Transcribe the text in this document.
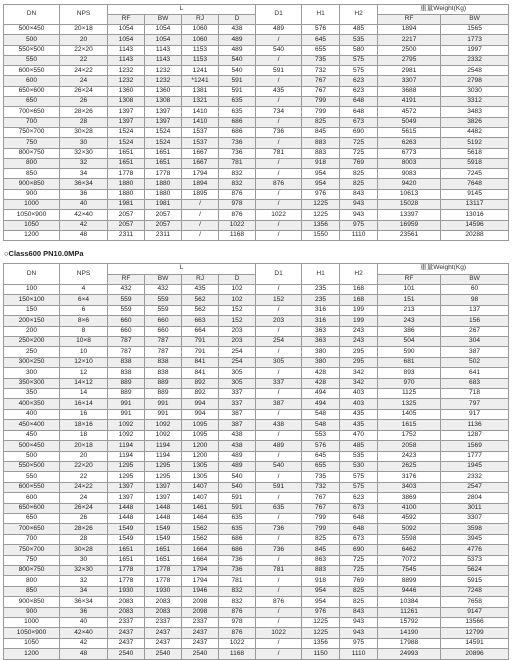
DN	NPS	L				D1	H1	H2	重量Weight(Kg)	
		RF	BW	RJ	D				RF	BW
500×450	20×18	1054	1054	1060	438	489	576	485	1894	1565
500	20	1054	1054	1060	489	/	645	535	2217	1773
550×500	22×20	1143	1143	1153	489	540	655	580	2500	1997
550	22	1143	1143	1153	540	/	735	575	2795	2332
600×550	24×22	1232	1232	1241	540	591	732	575	2981	2548
600	24	1232	1232	*1241	591	/	767	623	3307	2798
650×600	26×24	1360	1360	1381	591	435	767	623	3688	3030
650	26	1308	1308	1321	635	/	799	648	4191	3312
700×650	28×26	1397	1397	1410	635	734	799	648	4572	3483
700	28	1397	1397	1410	686	/	825	673	5049	3826
750×700	30×28	1524	1524	1537	686	736	845	690	5615	4482
750	30	1524	1524	1537	736	/	883	725	6263	5192
800×750	32×30	1651	1651	1667	736	781	883	725	6773	5618
800	32	1651	1651	1667	781	/	918	769	8003	5918
850	34	1778	1778	1794	832	/	954	825	9083	7245
900×850	36×34	1880	1880	1894	832	876	954	825	9420	7648
900	36	1880	1880	1895	876	/	976	843	10613	9145
1000	40	1981	1981	/	978	/	1225	943	15028	13117
1050×900	42×40	2057	2057	/	876	1022	1225	943	13397	13016
1050	42	2057	2057	/	1022	/	1356	975	16959	14596
1200	48	2311	2311	/	1168	/	1550	1110	23561	20288
○Class600 PN10.0MPa
DN	NPS	L				D1	H1	H2	重量Weight(Kg)	
		RF	BW	RJ	D				RF	BW
100	4	432	432	435	102	/	235	168	101	60
150×100	6×4	559	559	562	102	152	235	168	151	98
150	6	559	559	562	152	/	316	199	213	137
200×150	8×6	660	660	663	152	203	316	199	243	156
200	8	660	660	664	203	/	363	243	386	267
250×200	10×8	787	787	791	203	254	363	243	504	304
250	10	787	787	791	254	/	380	295	590	387
300×250	12×10	838	838	841	254	305	380	295	681	502
300	12	838	838	841	305	/	428	342	893	641
350×300	14×12	889	889	892	305	337	428	342	970	683
350	14	889	889	892	337	/	494	403	1125	718
400×350	16×14	991	991	994	337	387	494	403	1325	797
400	16	991	991	994	387	/	548	435	1405	917
450×400	18×16	1092	1092	1095	387	438	548	435	1615	1136
450	18	1092	1092	1095	438	/	553	470	1752	1287
500×450	20×18	1194	1194	1200	438	489	576	485	2058	1569
500	20	1194	1194	1200	489	/	645	535	2423	1777
550×500	22×20	1295	1295	1305	489	540	655	530	2625	1945
550	22	1295	1295	1305	540	/	735	575	3176	2332
600×550	24×22	1397	1397	1407	540	591	732	575	3403	2547
600	24	1397	1397	1407	591	/	767	623	3869	2804
650×600	26×24	1448	1448	1461	591	635	767	673	4100	3011
650	26	1448	1448	1464	635	/	799	648	4592	3307
700×650	28×26	1549	1549	1562	635	736	799	648	5092	3598
700	28	1549	1549	1562	686	/	825	673	5598	3945
750×700	30×28	1651	1651	1664	686	736	845	690	6462	4776
750	30	1651	1651	1664	736	/	863	725	7072	5373
800×750	32×30	1778	1778	1794	736	781	883	725	7545	5624
800	32	1778	1778	1794	781	/	918	769	8899	5915
850	34	1930	1930	1946	832	/	954	825	9446	7248
900×850	36×34	2083	2083	2098	832	876	954	825	10384	7658
900	36	2083	2083	2098	876	/	976	843	11261	9147
1000	40	2337	2337	2337	978	/	1225	943	15792	13566
1050×900	42×40	2437	2437	2437	876	1022	1225	943	14190	12799
1050	42	2437	2437	2437	1022	/	1356	975	17988	14591
1200	48	2540	2540	2540	1168	/	1150	1110	24993	20896
